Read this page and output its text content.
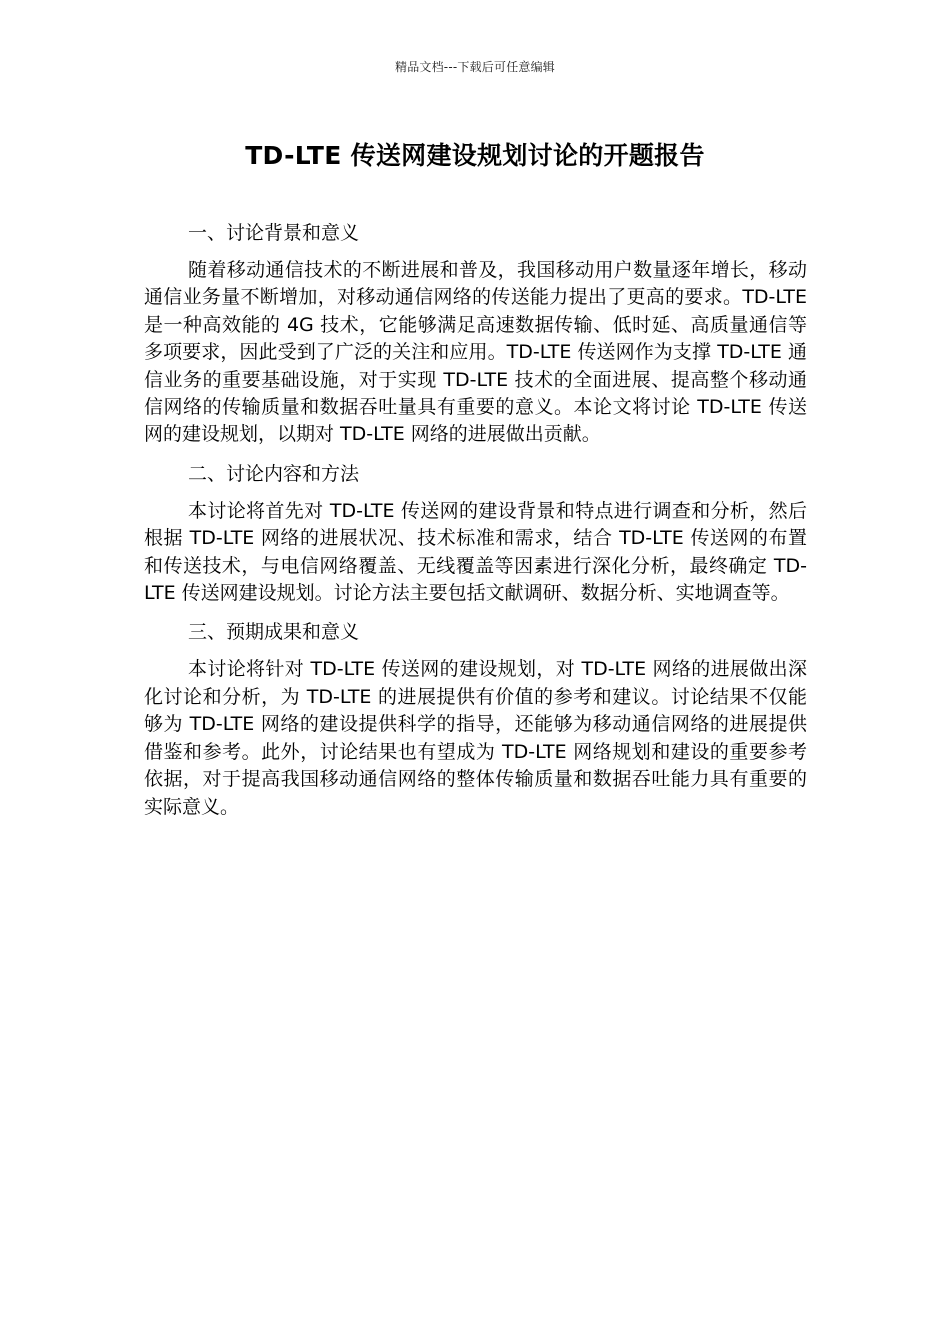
精品文档---下载后可任意编辑
TD-LTE 传送网建设规划讨论的开题报告
一、讨论背景和意义

随着移动通信技术的不断进展和普及，我国移动用户数量逐年增长，移动通信业务量不断增加，对移动通信网络的传送能力提出了更高的要求。TD-LTE 是一种高效能的 4G 技术，它能够满足高速数据传输、低时延、高质量通信等多项要求，因此受到了广泛的关注和应用。TD-LTE 传送网作为支撑 TD-LTE 通信业务的重要基础设施，对于实现 TD-LTE 技术的全面进展、提高整个移动通信网络的传输质量和数据吞吐量具有重要的意义。本论文将讨论 TD-LTE 传送网的建设规划，以期对 TD-LTE 网络的进展做出贡献。

二、讨论内容和方法

本讨论将首先对 TD-LTE 传送网的建设背景和特点进行调查和分析，然后根据 TD-LTE 网络的进展状况、技术标准和需求，结合 TD-LTE 传送网的布置和传送技术，与电信网络覆盖、无线覆盖等因素进行深化分析，最终确定 TD-LTE 传送网建设规划。讨论方法主要包括文献调研、数据分析、实地调查等。

三、预期成果和意义

本讨论将针对 TD-LTE 传送网的建设规划，对 TD-LTE 网络的进展做出深化讨论和分析，为 TD-LTE 的进展提供有价值的参考和建议。讨论结果不仅能够为 TD-LTE 网络的建设提供科学的指导，还能够为移动通信网络的进展提供借鉴和参考。此外，讨论结果也有望成为 TD-LTE 网络规划和建设的重要参考依据，对于提高我国移动通信网络的整体传输质量和数据吞吐能力具有重要的实际意义。
